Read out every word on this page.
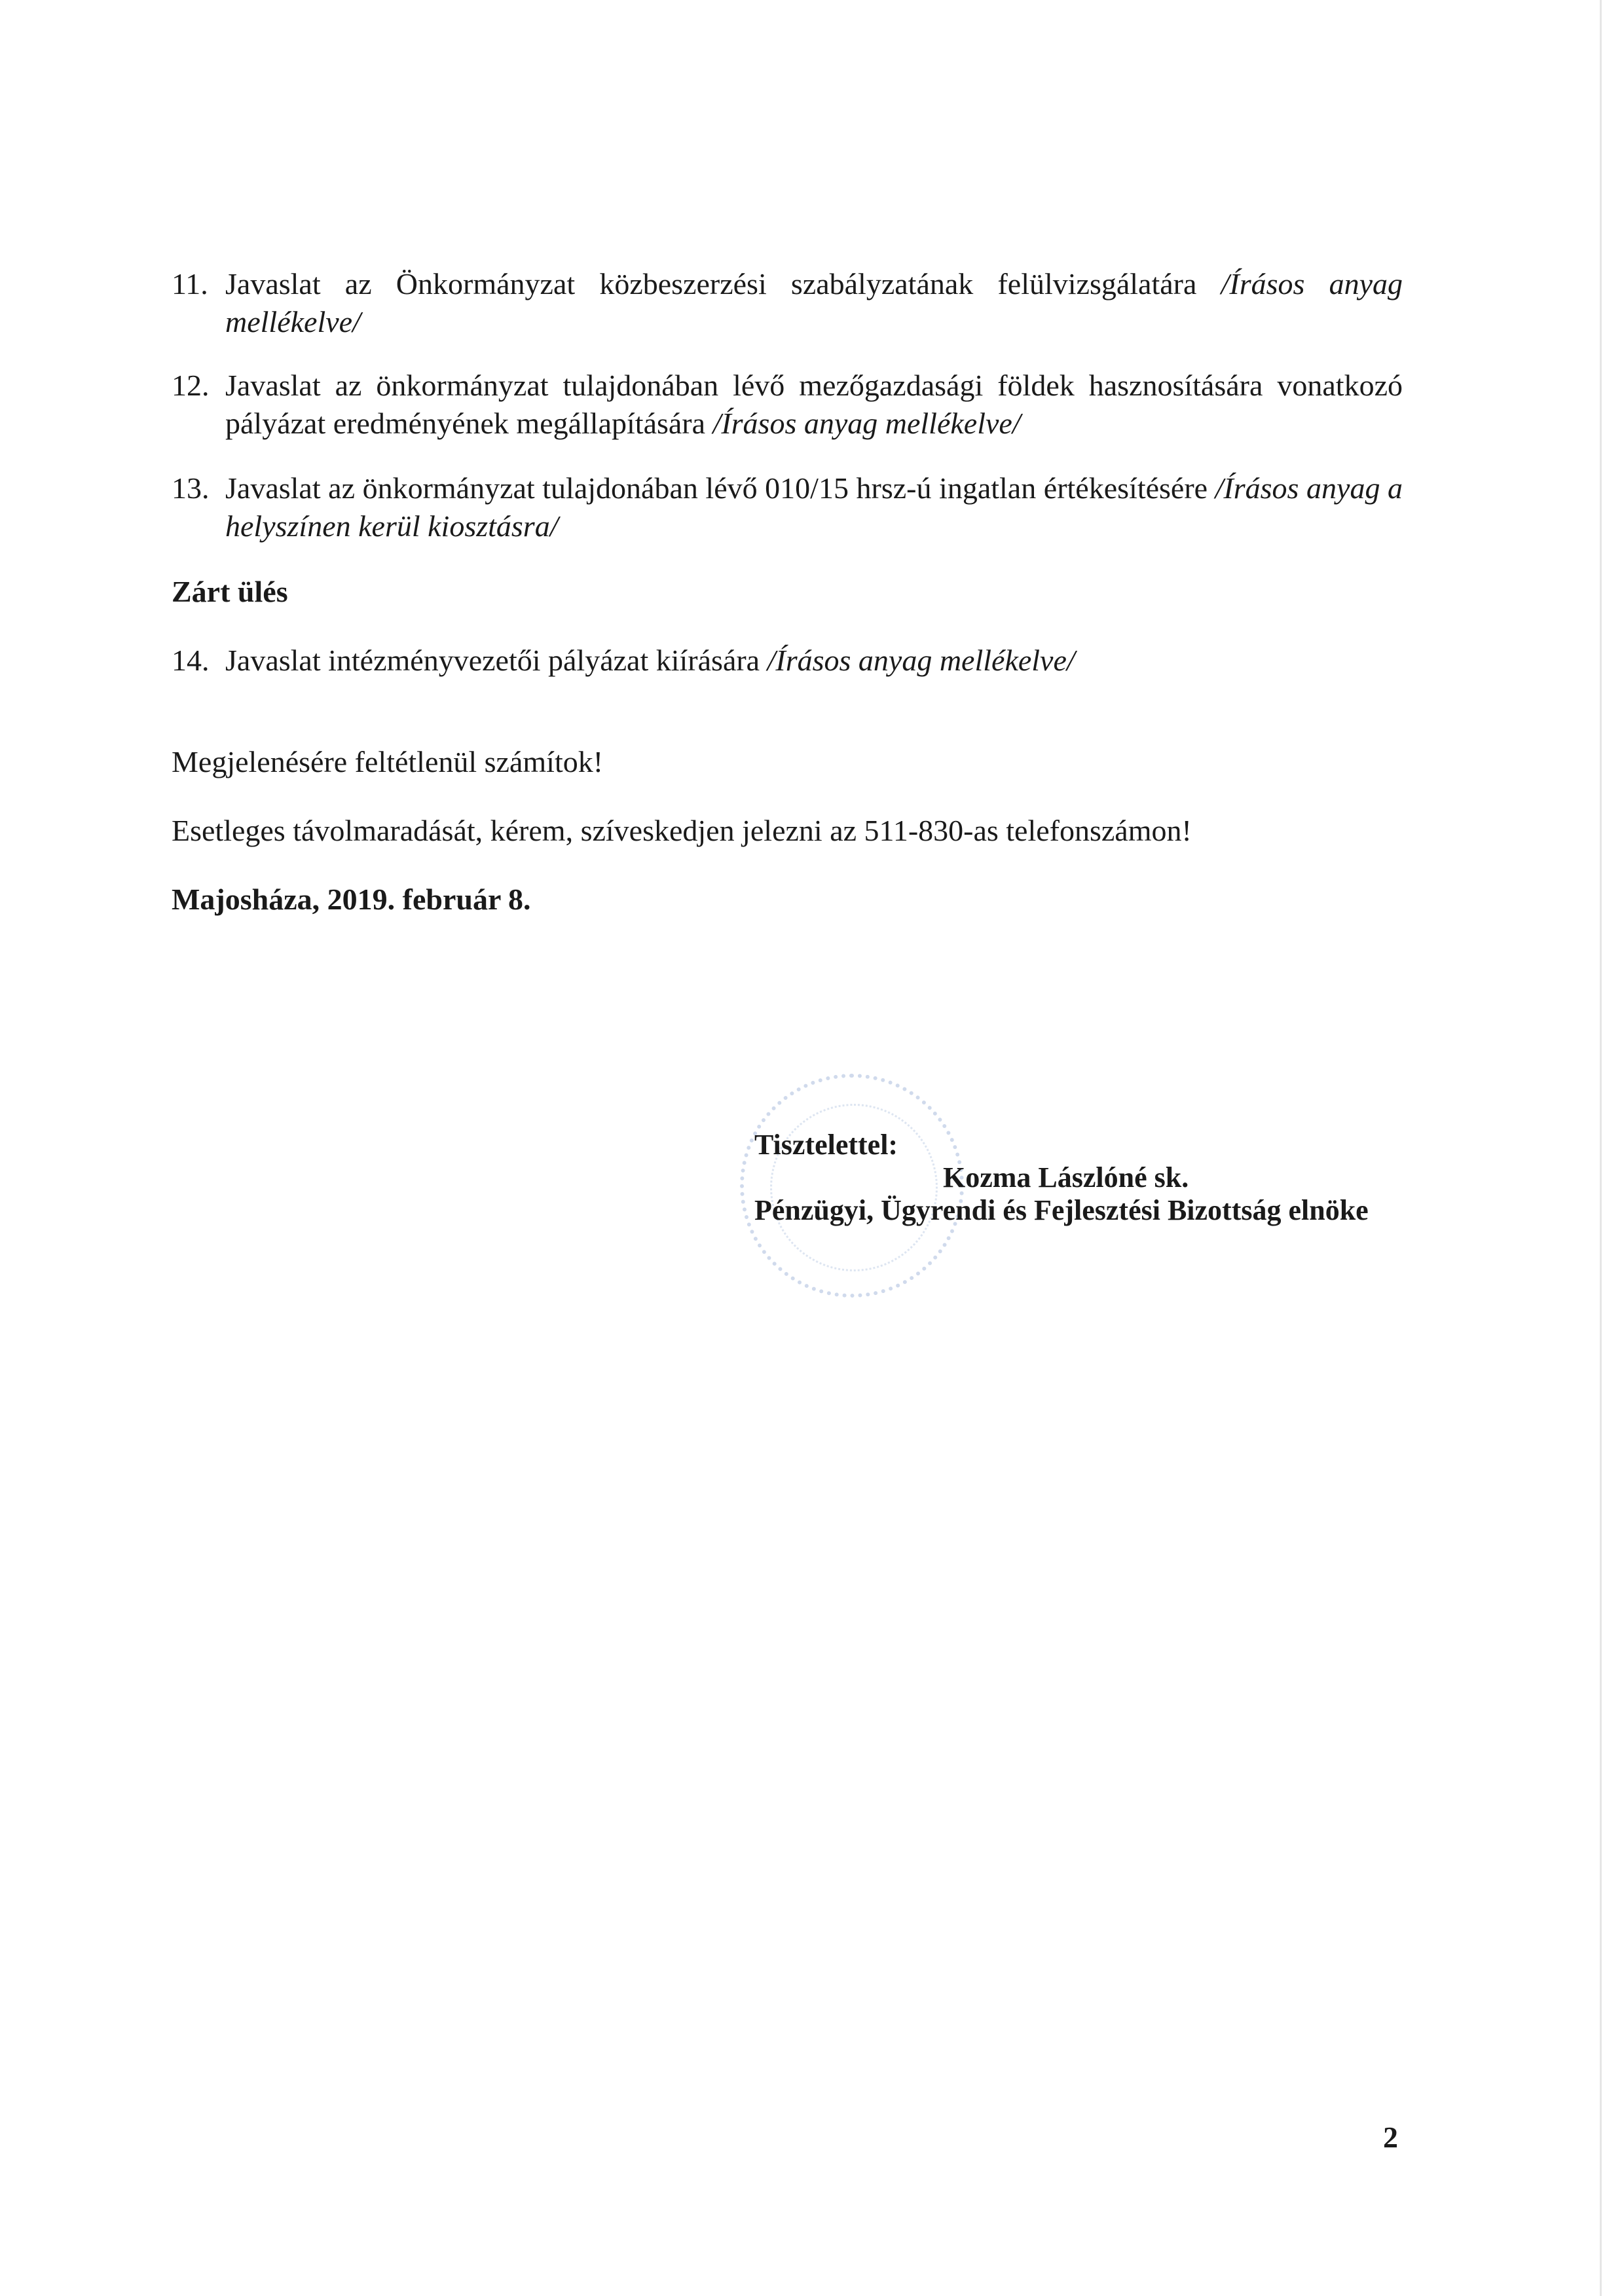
11. Javaslat az Önkormányzat közbeszerzési szabályzatának felülvizsgálatára /Írásos anyag mellékelve/
12. Javaslat az önkormányzat tulajdonában lévő mezőgazdasági földek hasznosítására vonatkozó pályázat eredményének megállapítására /Írásos anyag mellékelve/
13. Javaslat az önkormányzat tulajdonában lévő 010/15 hrsz-ú ingatlan értékesítésére /Írásos anyag a helyszínen kerül kiosztásra/
Zárt ülés
14. Javaslat intézményvezetői pályázat kiírására /Írásos anyag mellékelve/
Megjelenésére feltétlenül számítok!
Esetleges távolmaradását, kérem, szíveskedjen jelezni az 511-830-as telefonszámon!
Majosháza, 2019. február 8.
Tisztelettel:
Kozma Lászlóné sk.
Pénzügyi, Ügyrendi és Fejlesztési Bizottság elnöke
2
